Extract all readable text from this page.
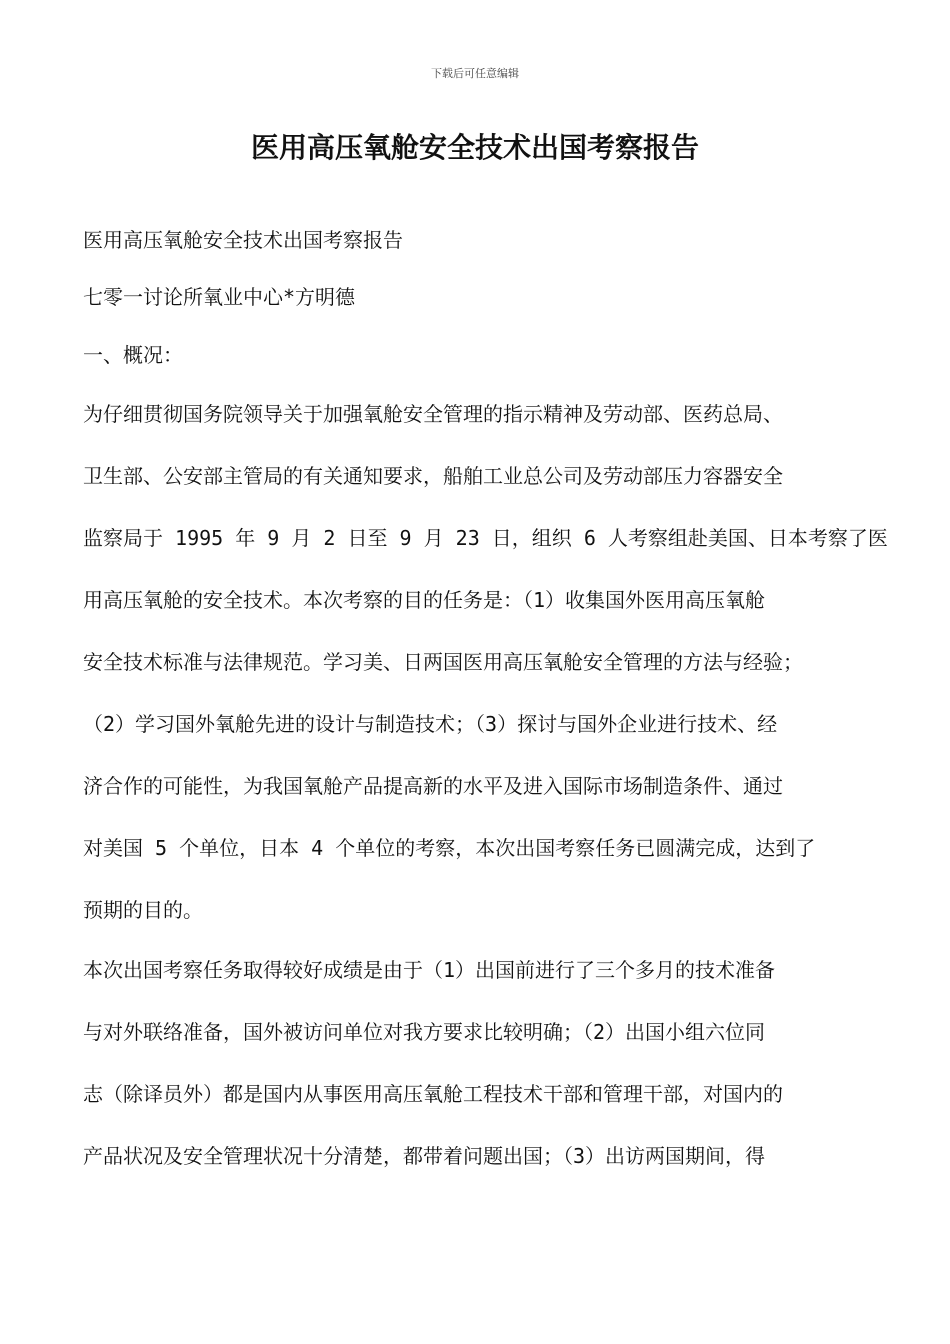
下载后可任意编辑
医用高压氧舱安全技术出国考察报告
医用高压氧舱安全技术出国考察报告
七零一讨论所氧业中心*方明德
一、概况：
为仔细贯彻国务院领导关于加强氧舱安全管理的指示精神及劳动部、医药总局、
卫生部、公安部主管局的有关通知要求，船舶工业总公司及劳动部压力容器安全
监察局于 1995 年 9 月 2 日至 9 月 23 日，组织 6 人考察组赴美国、日本考察了医
用高压氧舱的安全技术。本次考察的目的任务是：（1）收集国外医用高压氧舱
安全技术标准与法律规范。学习美、日两国医用高压氧舱安全管理的方法与经验；
（2）学习国外氧舱先进的设计与制造技术；（3）探讨与国外企业进行技术、经
济合作的可能性，为我国氧舱产品提高新的水平及进入国际市场制造条件、通过
对美国 5 个单位，日本 4 个单位的考察，本次出国考察任务已圆满完成，达到了
预期的目的。
本次出国考察任务取得较好成绩是由于（1）出国前进行了三个多月的技术准备
与对外联络准备，国外被访问单位对我方要求比较明确；（2）出国小组六位同
志（除译员外）都是国内从事医用高压氧舱工程技术干部和管理干部，对国内的
产品状况及安全管理状况十分清楚，都带着问题出国；（3）出访两国期间，得
